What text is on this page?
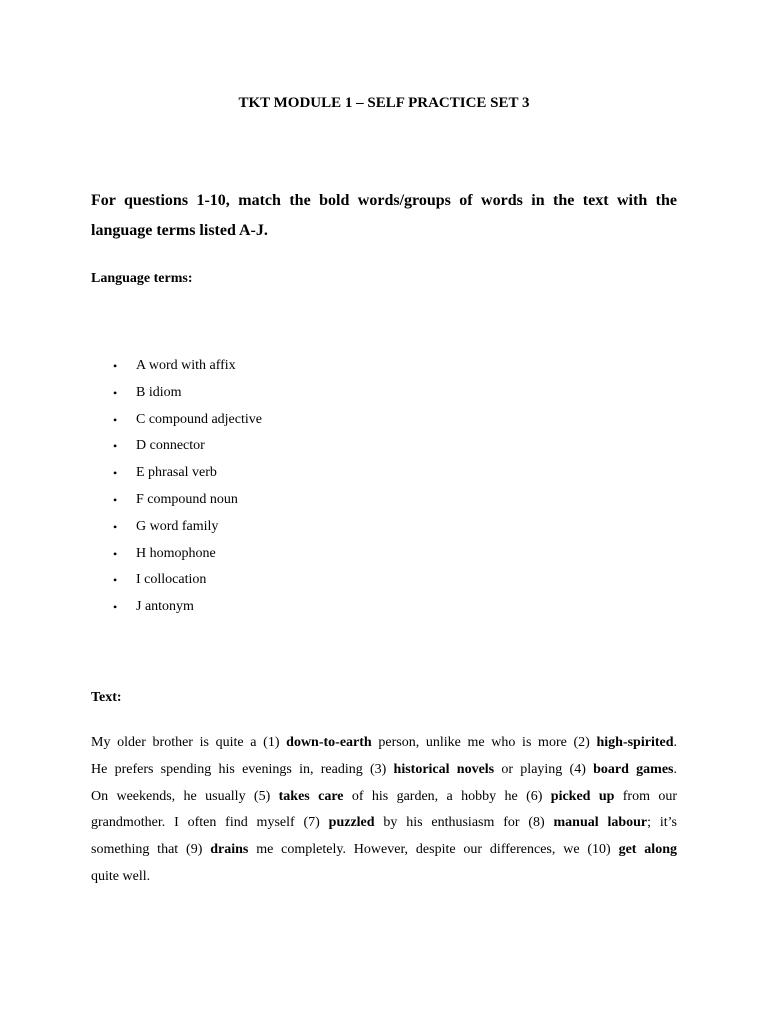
TKT MODULE 1 – SELF PRACTICE SET 3
For questions 1-10, match the bold words/groups of words in the text with the
language terms listed A-J.
Language terms:
• A word with affix
• B idiom
• C compound adjective
• D connector
• E phrasal verb
• F compound noun
• G word family
• H homophone
• I collocation
• J antonym
Text:
My older brother is quite a (1) down-to-earth person, unlike me who is more (2) high-spirited.
He prefers spending his evenings in, reading (3) historical novels or playing (4) board games.
On weekends, he usually (5) takes care of his garden, a hobby he (6) picked up from our
grandmother. I often find myself (7) puzzled by his enthusiasm for (8) manual labour; it’s
something that (9) drains me completely. However, despite our differences, we (10) get along
quite well.
